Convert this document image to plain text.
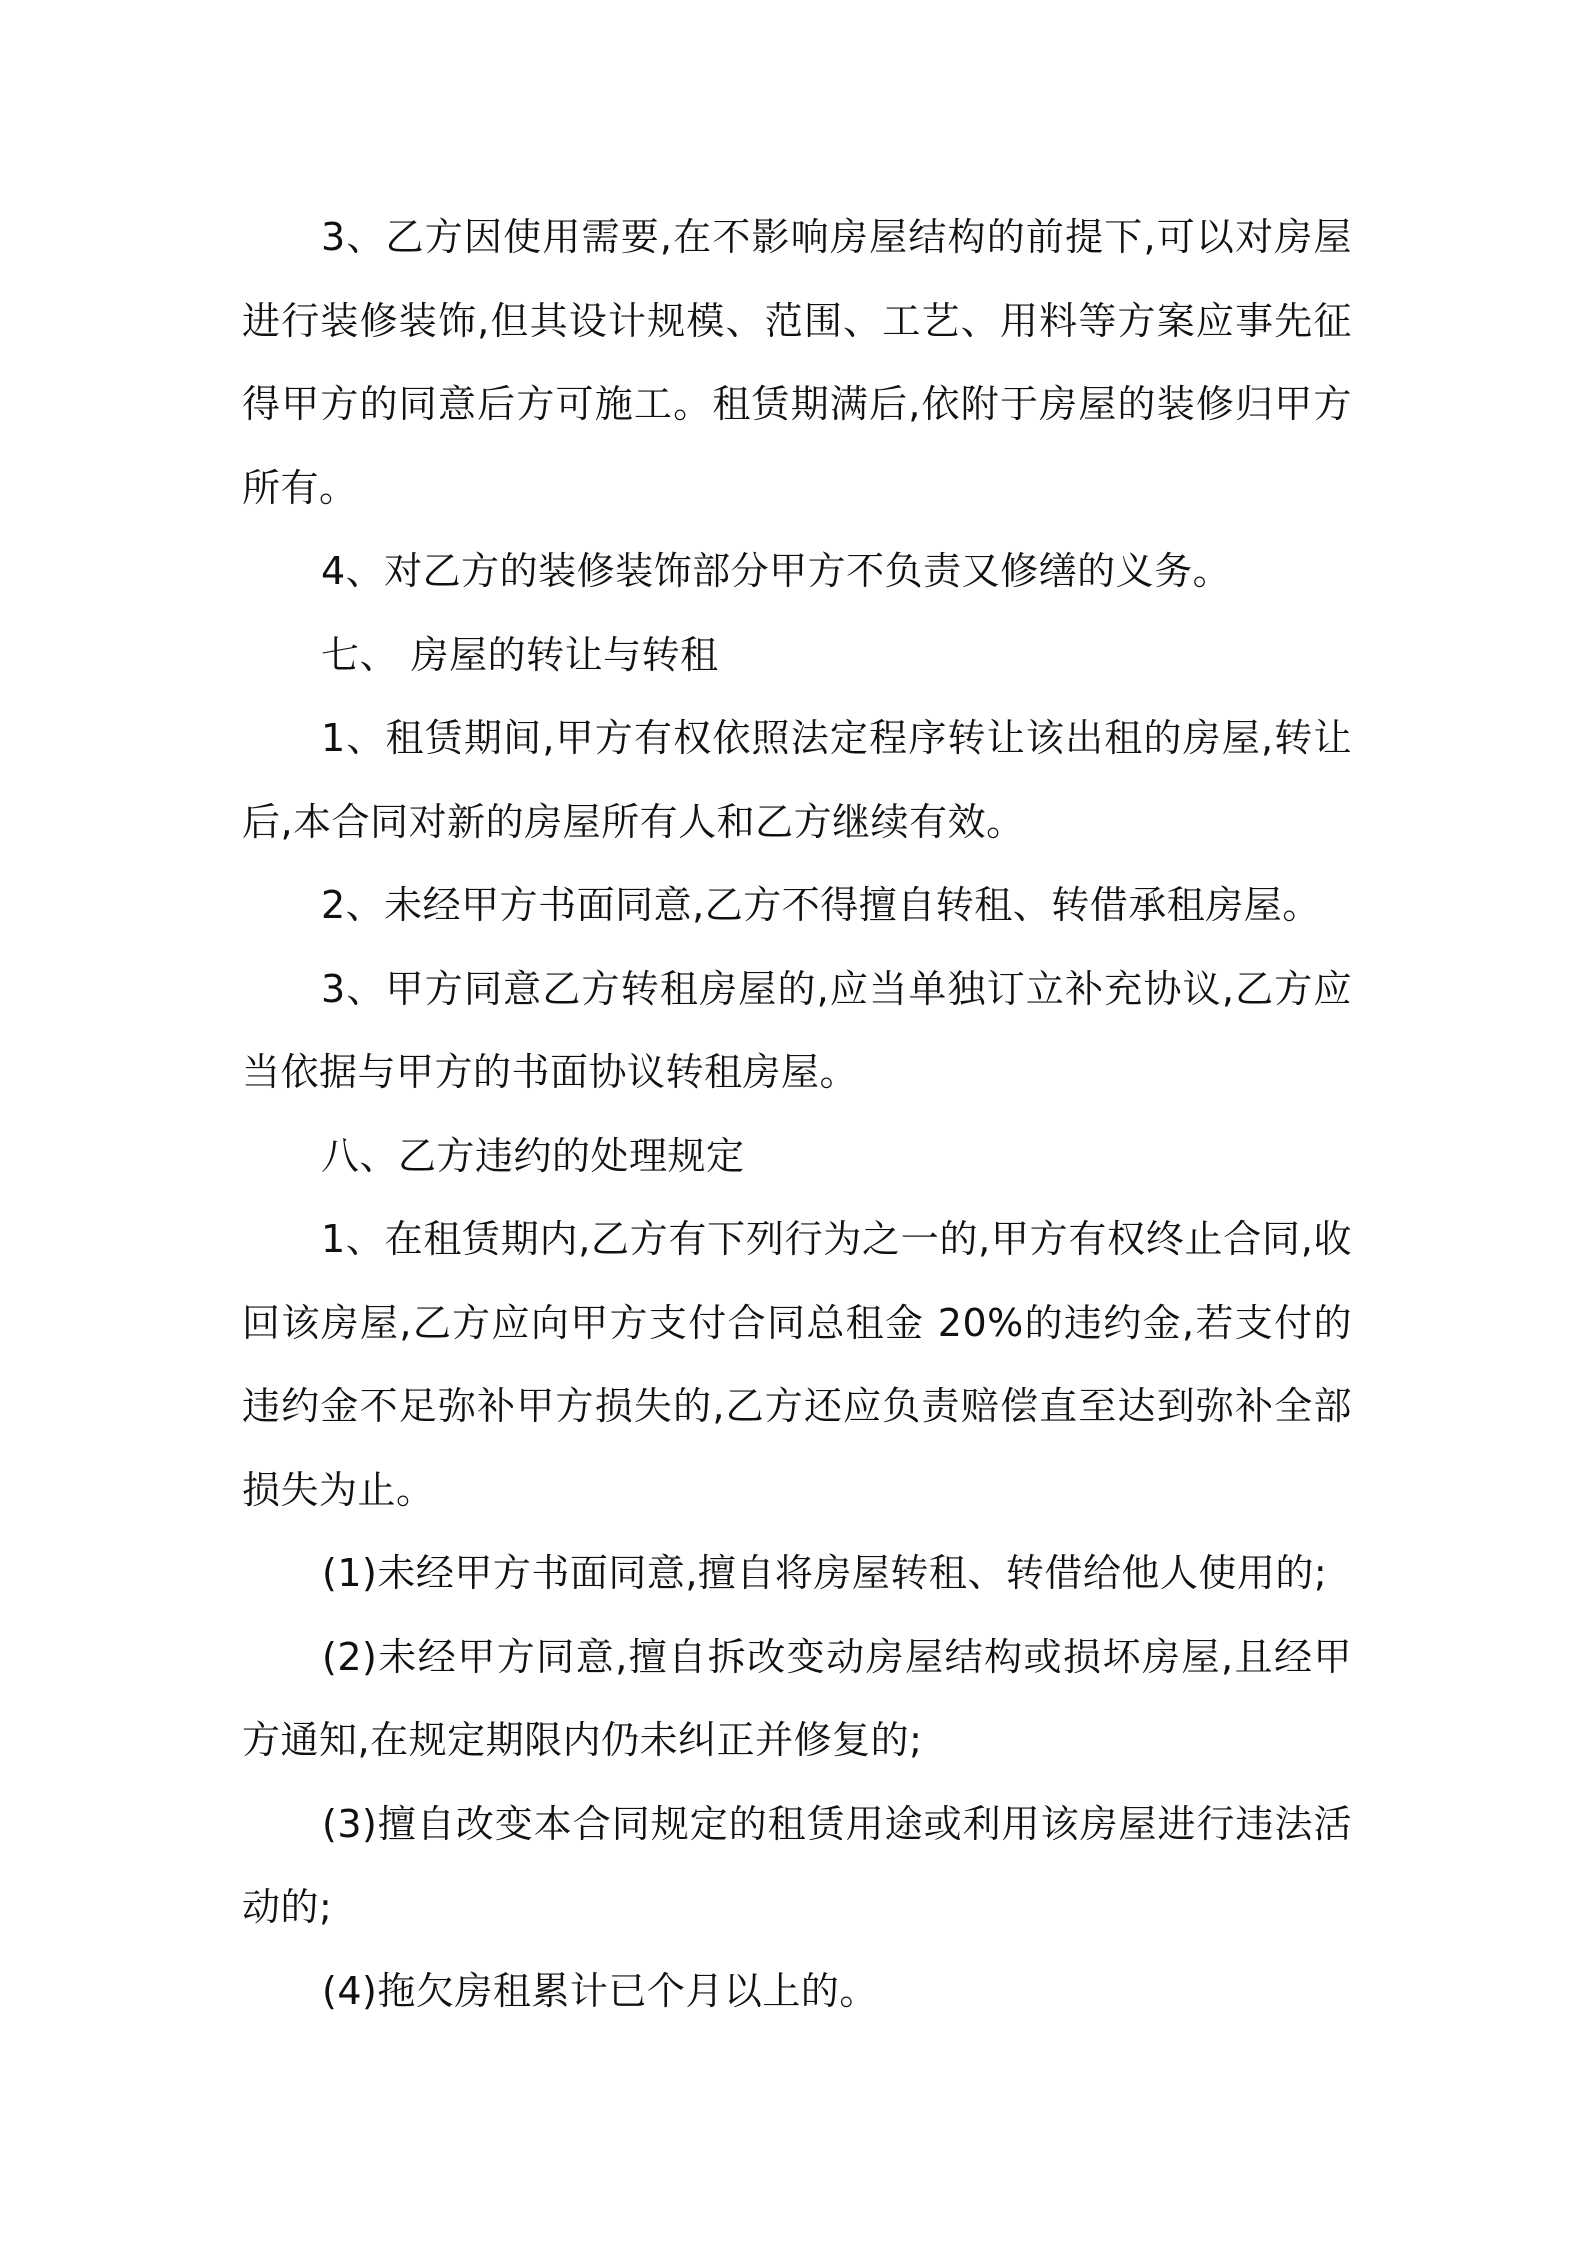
3、乙方因使用需要,在不影响房屋结构的前提下,可以对房屋进行装修装饰,但其设计规模、范围、工艺、用料等方案应事先征得甲方的同意后方可施工。租赁期满后,依附于房屋的装修归甲方所有。

4、对乙方的装修装饰部分甲方不负责又修缮的义务。

七、 房屋的转让与转租

1、租赁期间,甲方有权依照法定程序转让该出租的房屋,转让后,本合同对新的房屋所有人和乙方继续有效。

2、未经甲方书面同意,乙方不得擅自转租、转借承租房屋。

3、甲方同意乙方转租房屋的,应当单独订立补充协议,乙方应当依据与甲方的书面协议转租房屋。

八、乙方违约的处理规定

1、在租赁期内,乙方有下列行为之一的,甲方有权终止合同,收回该房屋,乙方应向甲方支付合同总租金 20%的违约金,若支付的违约金不足弥补甲方损失的,乙方还应负责赔偿直至达到弥补全部损失为止。

(1)未经甲方书面同意,擅自将房屋转租、转借给他人使用的;

(2)未经甲方同意,擅自拆改变动房屋结构或损坏房屋,且经甲方通知,在规定期限内仍未纠正并修复的;

(3)擅自改变本合同规定的租赁用途或利用该房屋进行违法活动的;

(4)拖欠房租累计已个月以上的。
